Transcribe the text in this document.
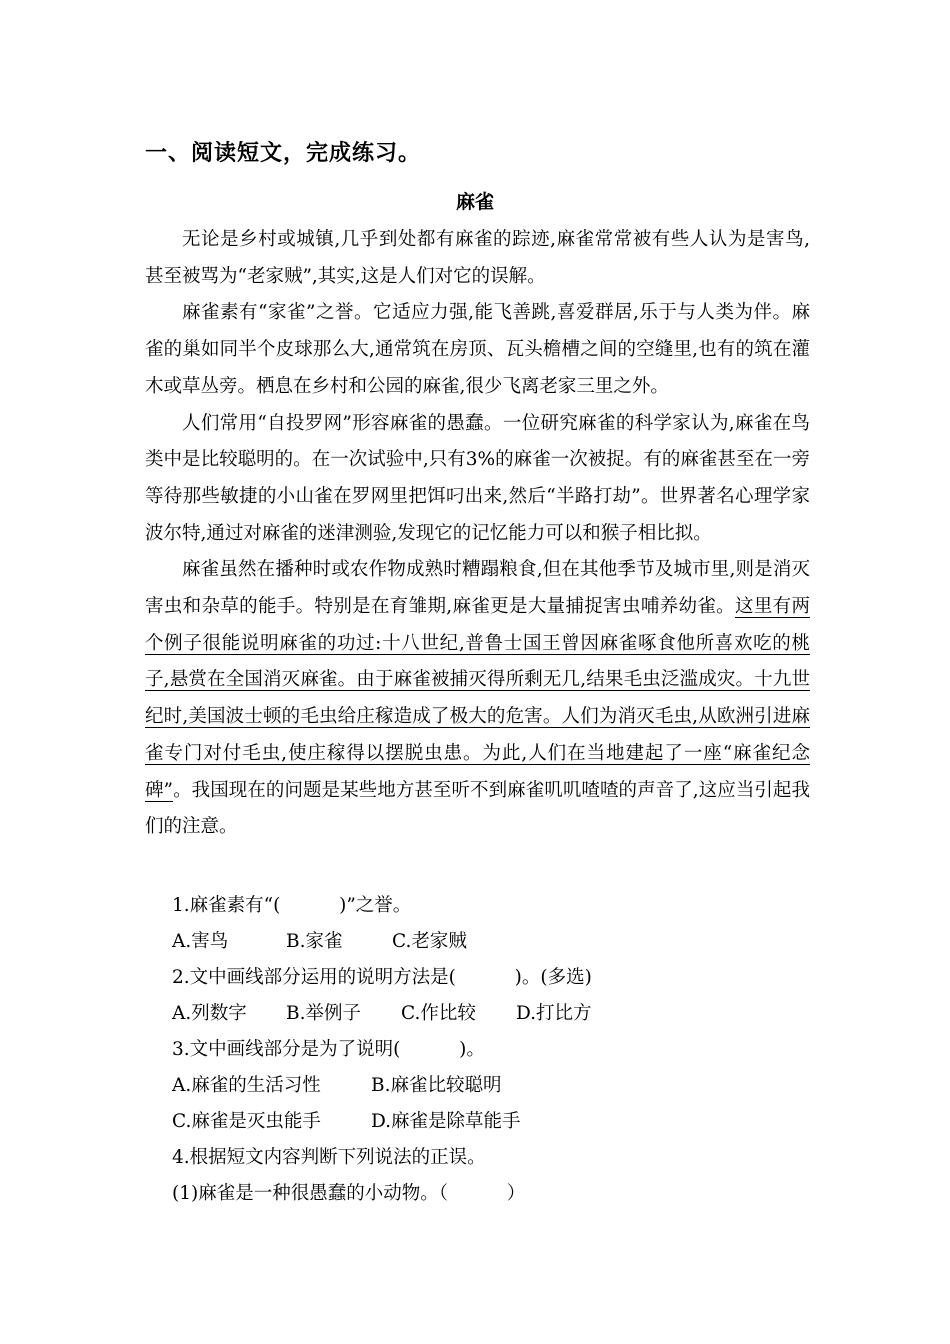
一、阅读短文，完成练习。
麻雀

无论是乡村或城镇,几乎到处都有麻雀的踪迹,麻雀常常被有些人认为是害鸟,甚至被骂为“老家贼”,其实,这是人们对它的误解。

麻雀素有“家雀”之誉。它适应力强,能飞善跳,喜爱群居,乐于与人类为伴。麻雀的巢如同半个皮球那么大,通常筑在房顶、瓦头檐槽之间的空缝里,也有的筑在灌木或草丛旁。栖息在乡村和公园的麻雀,很少飞离老家三里之外。

人们常用“自投罗网”形容麻雀的愚蠢。一位研究麻雀的科学家认为,麻雀在鸟类中是比较聪明的。在一次试验中,只有3%的麻雀一次被捉。有的麻雀甚至在一旁等待那些敏捷的小山雀在罗网里把饵叼出来,然后“半路打劫”。世界著名心理学家波尔特,通过对麻雀的迷津测验,发现它的记忆能力可以和猴子相比拟。

麻雀虽然在播种时或农作物成熟时糟蹋粮食,但在其他季节及城市里,则是消灭害虫和杂草的能手。特别是在育雏期,麻雀更是大量捕捉害虫哺养幼雀。这里有两个例子很能说明麻雀的功过:十八世纪,普鲁士国王曾因麻雀啄食他所喜欢吃的桃子,悬赏在全国消灭麻雀。由于麻雀被捕灭得所剩无几,结果毛虫泛滥成灾。十九世纪时,美国波士顿的毛虫给庄稼造成了极大的危害。人们为消灭毛虫,从欧洲引进麻雀专门对付毛虫,使庄稼得以摆脱虫患。为此,人们在当地建起了一座“麻雀纪念碑”。我国现在的问题是某些地方甚至听不到麻雀叽叽喳喳的声音了,这应当引起我们的注意。

1.麻雀素有“(          )”之誉。
A.害鸟	B.家雀	C.老家贼
2.文中画线部分运用的说明方法是(          )。(多选)
A.列数字 B.举例子 C.作比较 D.打比方
3.文中画线部分是为了说明(          )。
A.麻雀的生活习性	B.麻雀比较聪明
C.麻雀是灭虫能手	D.麻雀是除草能手
4.根据短文内容判断下列说法的正误。
(1)麻雀是一种很愚蠢的小动物。（          ）
